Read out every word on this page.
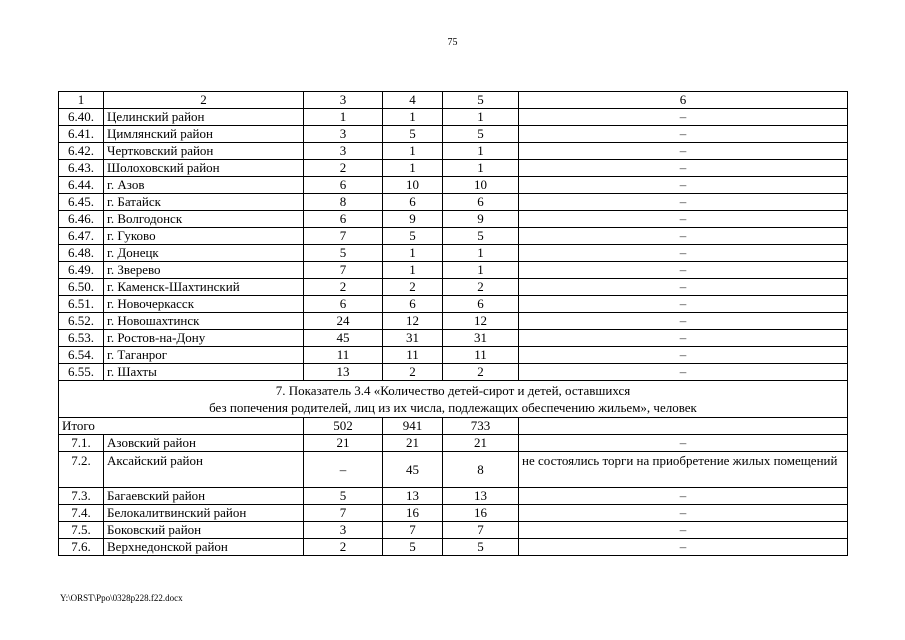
75
1	2	3	4	5	6
6.40.	Целинский район	1	1	1	–
6.41.	Цимлянский район	3	5	5	–
6.42.	Чертковский район	3	1	1	–
6.43.	Шолоховский район	2	1	1	–
6.44.	г. Азов	6	10	10	–
6.45.	г. Батайск	8	6	6	–
6.46.	г. Волгодонск	6	9	9	–
6.47.	г. Гуково	7	5	5	–
6.48.	г. Донецк	5	1	1	–
6.49.	г. Зверево	7	1	1	–
6.50.	г. Каменск-Шахтинский	2	2	2	–
6.51.	г. Новочеркасск	6	6	6	–
6.52.	г. Новошахтинск	24	12	12	–
6.53.	г. Ростов-на-Дону	45	31	31	–
6.54.	г. Таганрог	11	11	11	–
6.55.	г. Шахты	13	2	2	–

7. Показатель 3.4 «Количество детей-сирот и детей, оставшихся
без попечения родителей, лиц из их числа, подлежащих обеспечению жильем», человек					

Итого		502	941	733	
7.1.	Азовский район	21	21	21	–
7.2.	Аксайский район	–	45	8	не состоялись торги на приобретение жилых помещений
7.3.	Багаевский район	5	13	13	–
7.4.	Белокалитвинский район	7	16	16	–
7.5.	Боковский район	3	7	7	–
7.6.	Верхнедонской район	2	5	5	–
Y:\ORST\Ppo\0328p228.f22.docx
